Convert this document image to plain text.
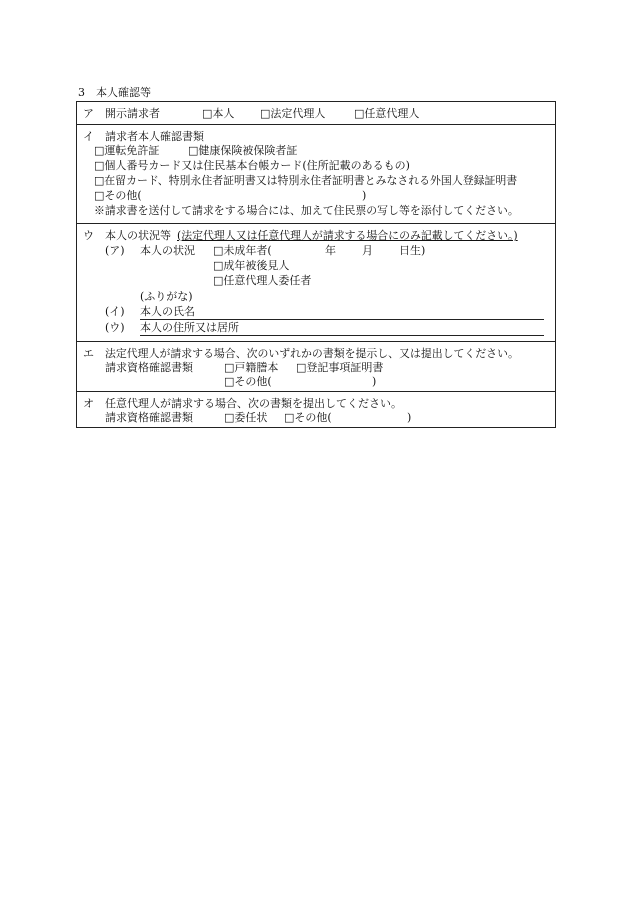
3　本人確認等
ア 開示請求者	□本人 □法定代理人	□任意代理人
イ 請求者本人確認書類
□運転免許証	□健康保険被保険者証
□個人番号カード又は住民基本台帳カード(住所記載のあるもの)
□在留カード、特別永住者証明書又は特別永住者証明書とみなされる外国人登録証明書
□その他(	)
※請求書を送付して請求をする場合には、加えて住民票の写し等を添付してください。
ウ 本人の状況等 (法定代理人又は任意代理人が請求する場合にのみ記載してください。)
(ア) 本人の状況 □未成年者(	年 月 日生)
□成年被後見人
□任意代理人委任者
(ふりがな)
(イ) 本人の氏名
(ウ) 本人の住所又は居所
エ 法定代理人が請求する場合、次のいずれかの書類を提示し、又は提出してください。
請求資格確認書類	□戸籍謄本 □登記事項証明書
□その他(	)
オ 任意代理人が請求する場合、次の書類を提出してください。
請求資格確認書類	□委任状 □その他(	)
